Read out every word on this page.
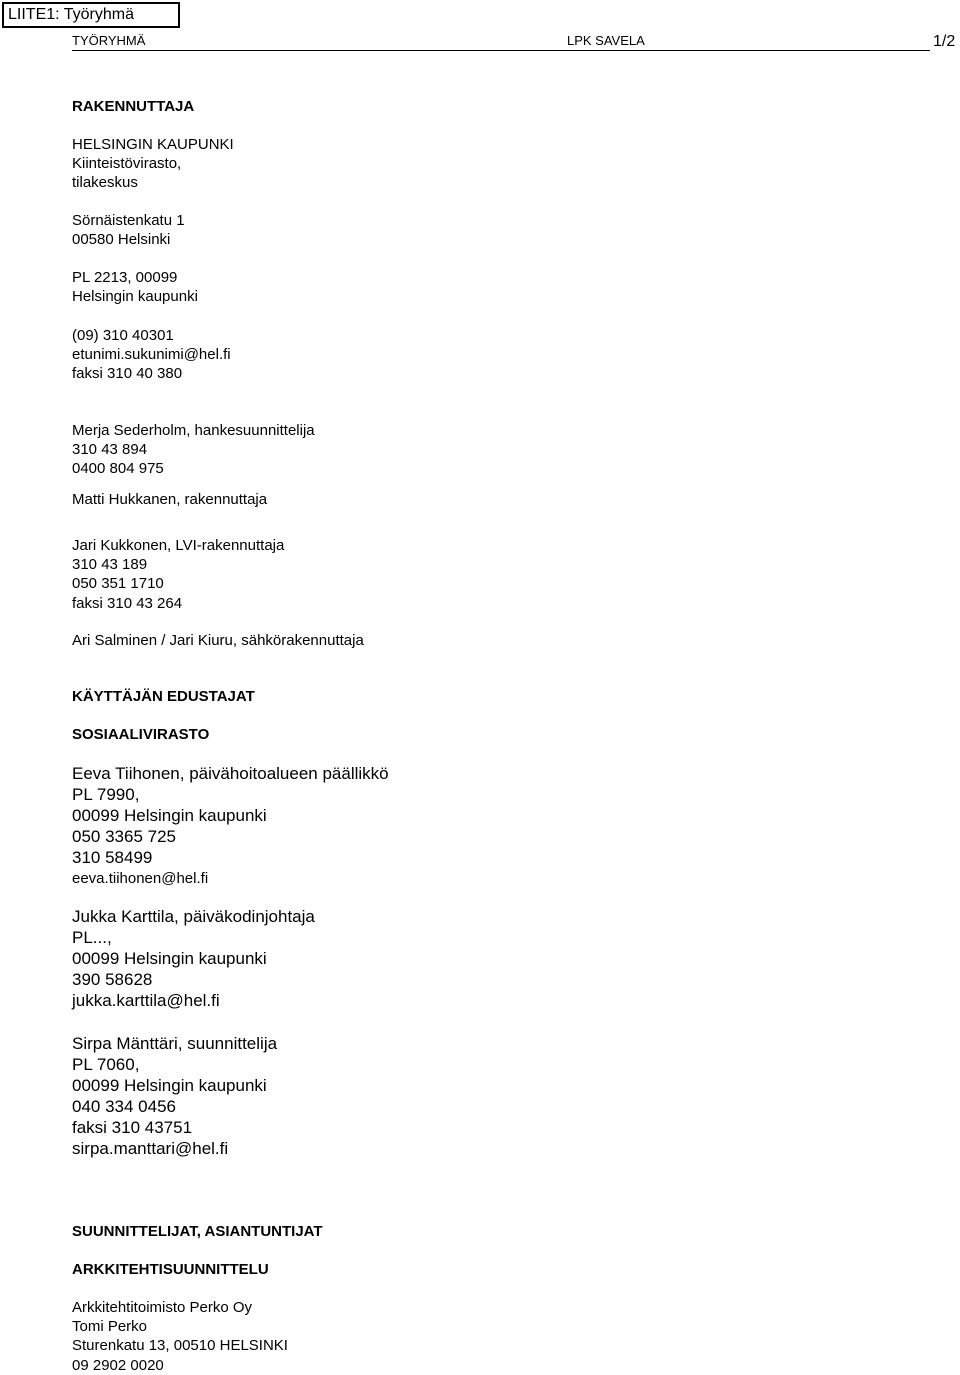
LIITE1: Työryhmä
TYÖRYHMÄ	LPK SAVELA	1/2
RAKENNUTTAJA
HELSINGIN KAUPUNKI
Kiinteistövirasto,
tilakeskus
Sörnäistenkatu 1
00580 Helsinki
PL 2213, 00099
Helsingin kaupunki
(09) 310 40301
etunimi.sukunimi@hel.fi
faksi 310 40 380
Merja Sederholm, hankesuunnittelija
310 43 894
0400 804 975
Matti Hukkanen, rakennuttaja
Jari Kukkonen, LVI-rakennuttaja
310 43 189
050 351 1710
faksi 310 43 264
Ari Salminen / Jari Kiuru, sähkörakennuttaja
KÄYTTÄJÄN EDUSTAJAT
SOSIAALIVIRASTO
Eeva Tiihonen, päivähoitoalueen päällikkö
PL 7990,
00099 Helsingin kaupunki
050 3365 725
310 58499
eeva.tiihonen@hel.fi
Jukka Karttila, päiväkodinjohtaja
PL...,
00099 Helsingin kaupunki
390 58628
jukka.karttila@hel.fi
Sirpa Mänttäri, suunnittelija
PL 7060,
00099 Helsingin kaupunki
040 334 0456
faksi 310 43751
sirpa.manttari@hel.fi
SUUNNITTELIJAT, ASIANTUNTIJAT
ARKKITEHTISUUNNITTELU
Arkkitehtitoimisto Perko Oy
Tomi Perko
Sturenkatu 13, 00510 HELSINKI
09 2902 0020
